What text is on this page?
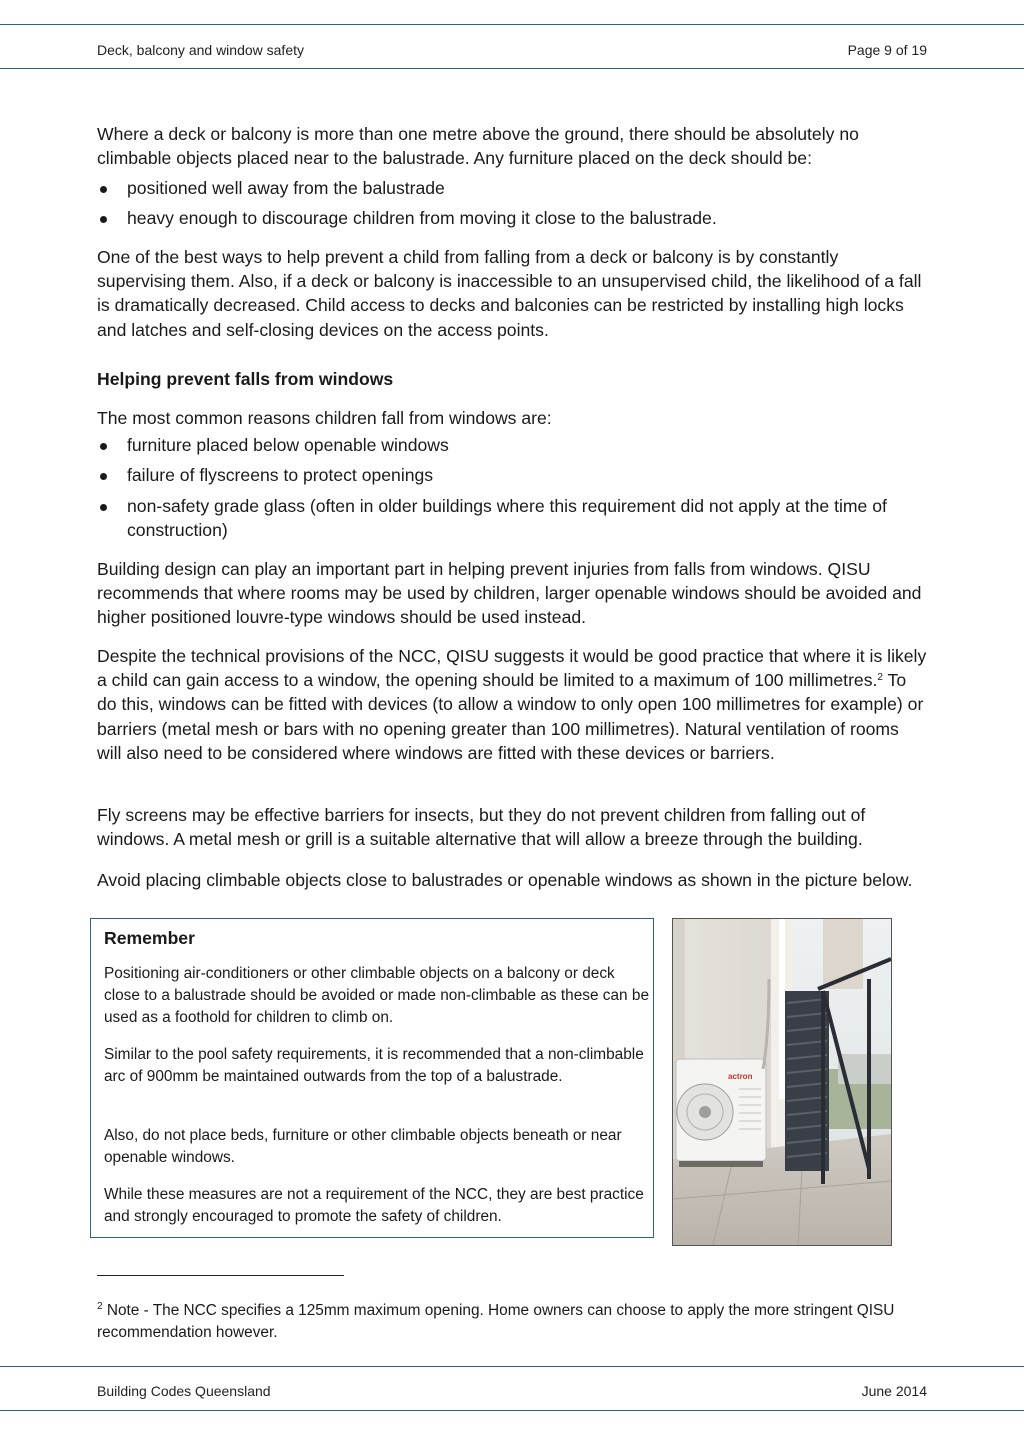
Deck, balcony and window safety	Page 9 of 19

Where a deck or balcony is more than one metre above the ground, there should be absolutely no climbable objects placed near to the balustrade. Any furniture placed on the deck should be:

positioned well away from the balustrade
heavy enough to discourage children from moving it close to the balustrade.

One of the best ways to help prevent a child from falling from a deck or balcony is by constantly supervising them. Also, if a deck or balcony is inaccessible to an unsupervised child, the likelihood of a fall is dramatically decreased. Child access to decks and balconies can be restricted by installing high locks and latches and self-closing devices on the access points.

Helping prevent falls from windows

The most common reasons children fall from windows are:

furniture placed below openable windows
failure of flyscreens to protect openings
non-safety grade glass (often in older buildings where this requirement did not apply at the time of construction)

Building design can play an important part in helping prevent injuries from falls from windows. QISU recommends that where rooms may be used by children, larger openable windows should be avoided and higher positioned louvre-type windows should be used instead.

Despite the technical provisions of the NCC, QISU suggests it would be good practice that where it is likely a child can gain access to a window, the opening should be limited to a maximum of 100 millimetres.$^2$ To do this, windows can be fitted with devices (to allow a window to only open 100 millimetres for example) or barriers (metal mesh or bars with no opening greater than 100 millimetres). Natural ventilation of rooms will also need to be considered where windows are fitted with these devices or barriers.

Fly screens may be effective barriers for insects, but they do not prevent children from falling out of windows. A metal mesh or grill is a suitable alternative that will allow a breeze through the building.

Avoid placing climbable objects close to balustrades or openable windows as shown in the picture below.

Remember
Positioning air-conditioners or other climbable objects on a balcony or deck close to a balustrade should be avoided or made non-climbable as these can be used as a foothold for children to climb on.
Similar to the pool safety requirements, it is recommended that a non-climbable arc of 900mm be maintained outwards from the top of a balustrade.
Also, do not place beds, furniture or other climbable objects beneath or near openable windows.
While these measures are not a requirement of the NCC, they are best practice and strongly encouraged to promote the safety of children.
actron
$^2$ Note - The NCC specifies a 125mm maximum opening. Home owners can choose to apply the more stringent QISU recommendation however.
Building Codes Queensland	June 2014
